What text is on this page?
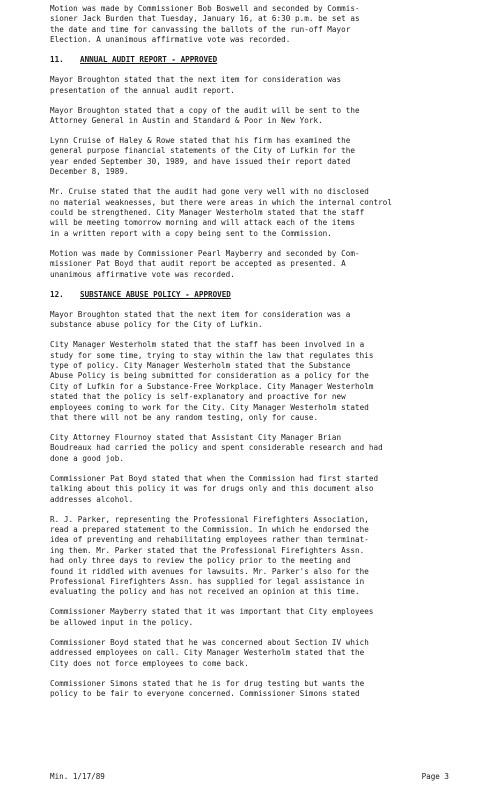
Motion was made by Commissioner Bob Boswell and seconded by Commis-
sioner Jack Burden that Tuesday, January 16, at 6:30 p.m. be set as
the date and time for canvassing the ballots of the run-off Mayor
Election. A unanimous affirmative vote was recorded.

11. ANNUAL AUDIT REPORT - APPROVED

Mayor Broughton stated that the next item for consideration was
presentation of the annual audit report.

Mayor Broughton stated that a copy of the audit will be sent to the
Attorney General in Austin and Standard & Poor in New York.

Lynn Cruise of Haley & Rowe stated that his firm has examined the
general purpose financial statements of the City of Lufkin for the
year ended September 30, 1989, and have issued their report dated
December 8, 1989.

Mr. Cruise stated that the audit had gone very well with no disclosed
no material weaknesses, but there were areas in which the internal control
could be strengthened. City Manager Westerholm stated that the staff
will be meeting tomorrow morning and will attack each of the items
in a written report with a copy being sent to the Commission.

Motion was made by Commissioner Pearl Mayberry and seconded by Com-
missioner Pat Boyd that audit report be accepted as presented. A
unanimous affirmative vote was recorded.

12. SUBSTANCE ABUSE POLICY - APPROVED

Mayor Broughton stated that the next item for consideration was a
substance abuse policy for the City of Lufkin.

City Manager Westerholm stated that the staff has been involved in a
study for some time, trying to stay within the law that regulates this
type of policy. City Manager Westerholm stated that the Substance
Abuse Policy is being submitted for consideration as a policy for the
City of Lufkin for a Substance-Free Workplace. City Manager Westerholm
stated that the policy is self-explanatory and proactive for new
employees coming to work for the City. City Manager Westerholm stated
that there will not be any random testing, only for cause.

City Attorney Flournoy stated that Assistant City Manager Brian
Boudreaux had carried the policy and spent considerable research and had
done a good job.

Commissioner Pat Boyd stated that when the Commission had first started
talking about this policy it was for drugs only and this document also
addresses alcohol.

R. J. Parker, representing the Professional Firefighters Association,
read a prepared statement to the Commission. In which he endorsed the
idea of preventing and rehabilitating employees rather than terminat-
ing them. Mr. Parker stated that the Professional Firefighters Assn.
had only three days to review the policy prior to the meeting and
found it riddled with avenues for lawsuits. Mr. Parker's also for the
Professional Firefighters Assn. has supplied for legal assistance in
evaluating the policy and has not received an opinion at this time.

Commissioner Mayberry stated that it was important that City employees
be allowed input in the policy.

Commissioner Boyd stated that he was concerned about Section IV which
addressed employees on call. City Manager Westerholm stated that the
City does not force employees to come back.

Commissioner Simons stated that he is for drug testing but wants the
policy to be fair to everyone concerned. Commissioner Simons stated

Min. 1/17/89	Page 3
